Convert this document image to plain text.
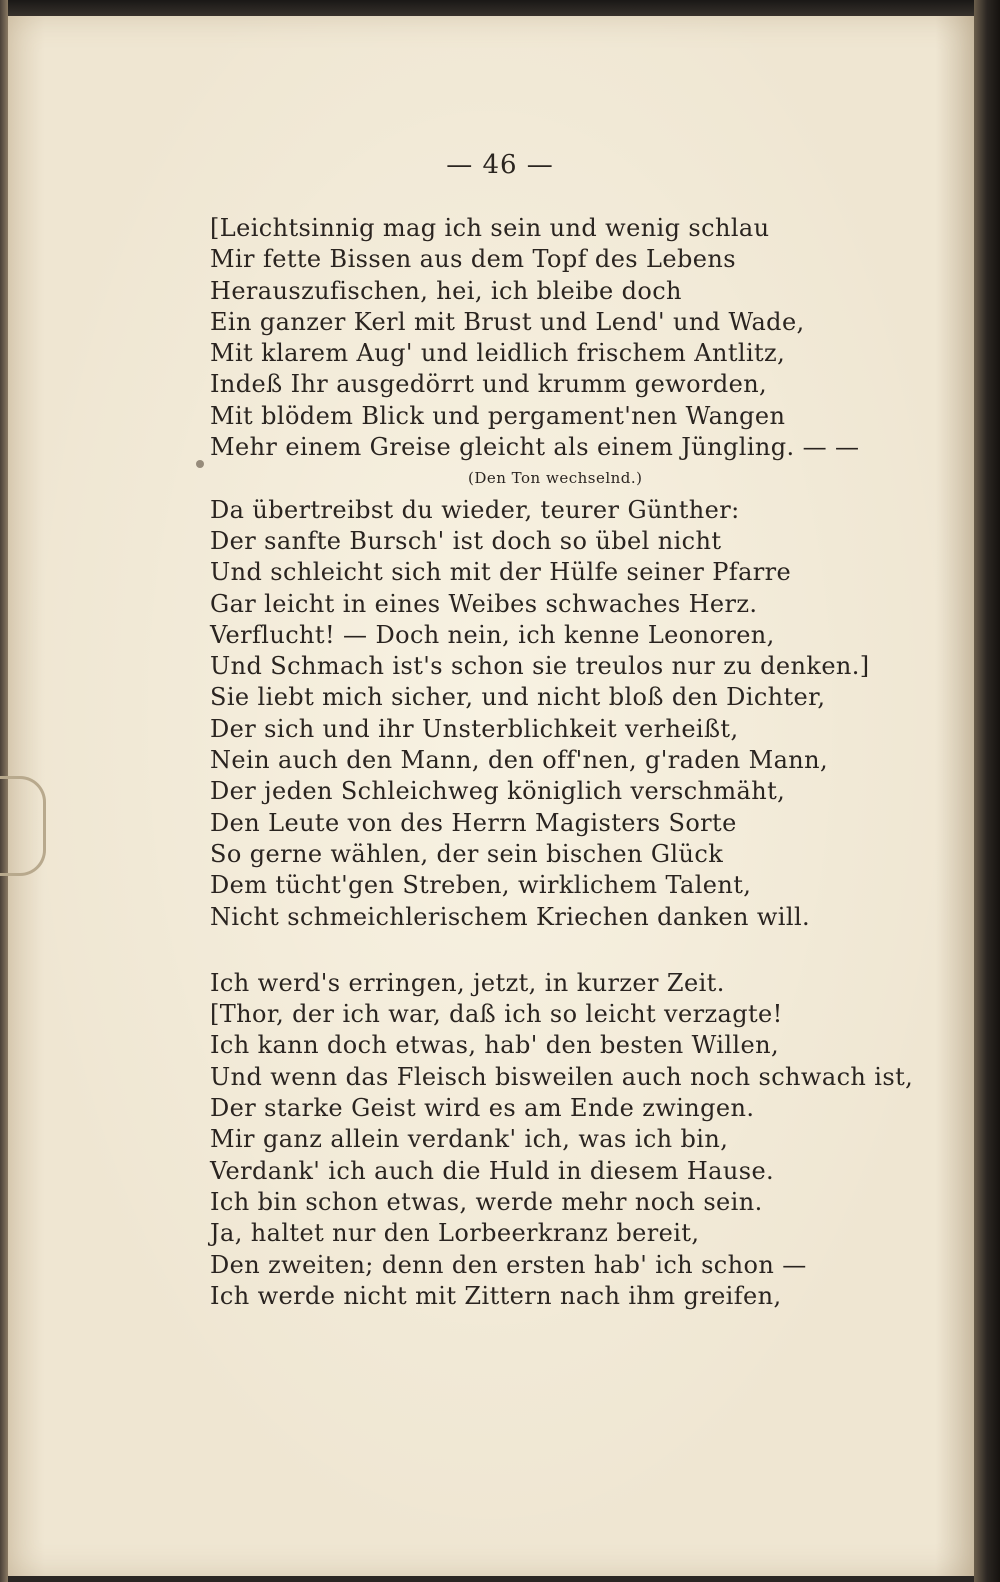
— 46 —
[Leichtsinnig mag ich sein und wenig schlau
Mir fette Bissen aus dem Topf des Lebens
Herauszufischen, hei, ich bleibe doch
Ein ganzer Kerl mit Brust und Lend' und Wade,
Mit klarem Aug' und leidlich frischem Antlitz,
Indeß Ihr ausgedörrt und krumm geworden,
Mit blödem Blick und pergament'nen Wangen
Mehr einem Greise gleicht als einem Jüngling. — —
(Den Ton wechselnd.)
Da übertreibst du wieder, teurer Günther:
Der sanfte Bursch' ist doch so übel nicht
Und schleicht sich mit der Hülfe seiner Pfarre
Gar leicht in eines Weibes schwaches Herz.
Verflucht! — Doch nein, ich kenne Leonoren,
Und Schmach ist's schon sie treulos nur zu denken.]
Sie liebt mich sicher, und nicht bloß den Dichter,
Der sich und ihr Unsterblichkeit verheißt,
Nein auch den Mann, den off'nen, g'raden Mann,
Der jeden Schleichweg königlich verschmäht,
Den Leute von des Herrn Magisters Sorte
So gerne wählen, der sein bischen Glück
Dem tücht'gen Streben, wirklichem Talent,
Nicht schmeichlerischem Kriechen danken will.
Ich werd's erringen, jetzt, in kurzer Zeit.
[Thor, der ich war, daß ich so leicht verzagte!
Ich kann doch etwas, hab' den besten Willen,
Und wenn das Fleisch bisweilen auch noch schwach ist,
Der starke Geist wird es am Ende zwingen.
Mir ganz allein verdank' ich, was ich bin,
Verdank' ich auch die Huld in diesem Hause.
Ich bin schon etwas, werde mehr noch sein.
Ja, haltet nur den Lorbeerkranz bereit,
Den zweiten; denn den ersten hab' ich schon —
Ich werde nicht mit Zittern nach ihm greifen,
